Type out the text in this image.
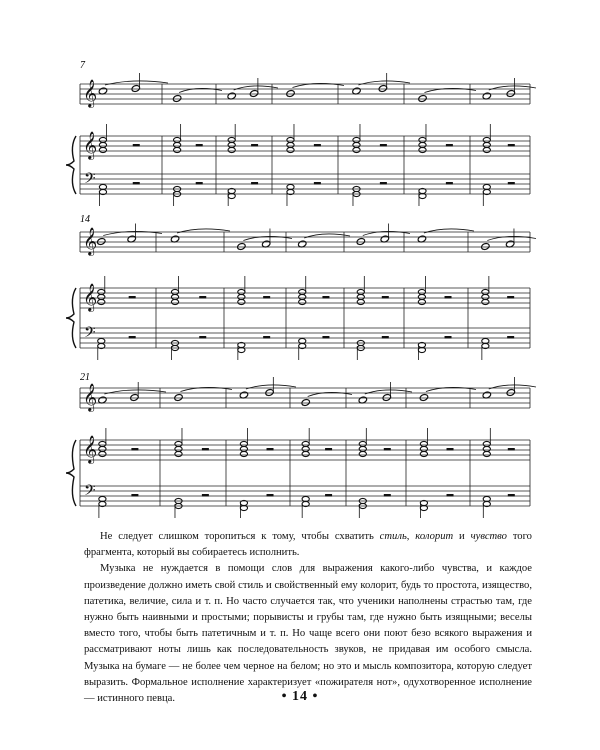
7
14
21
𝄞
𝄞
𝄢
𝄞
𝄞
𝄢
𝄞
𝄞
𝄢

Не следует слишком торопиться к тому, чтобы схватить стиль, колорит и чувство того фрагмента, который вы собираетесь исполнить.

Музыка не нуждается в помощи слов для выражения какого-либо чувства, и каждое произведение должно иметь свой стиль и свойственный ему колорит, будь то простота, изящество, патетика, величие, сила и т. п. Но часто случается так, что ученики наполнены страстью там, где нужно быть наивными и простыми; порывисты и грубы там, где нужно быть изящными; веселы вместо того, чтобы быть патетичным и т. п. Но чаще всего они поют безо всякого выражения и рассматривают ноты лишь как последовательность звуков, не придавая им особого смысла. Музыка на бумаге — не более чем черное на белом; но это и мысль композитора, которую следует выразить. Формальное исполнение характеризует «пожирателя нот», одухотворенное исполнение — истинного певца.	• 14 •
